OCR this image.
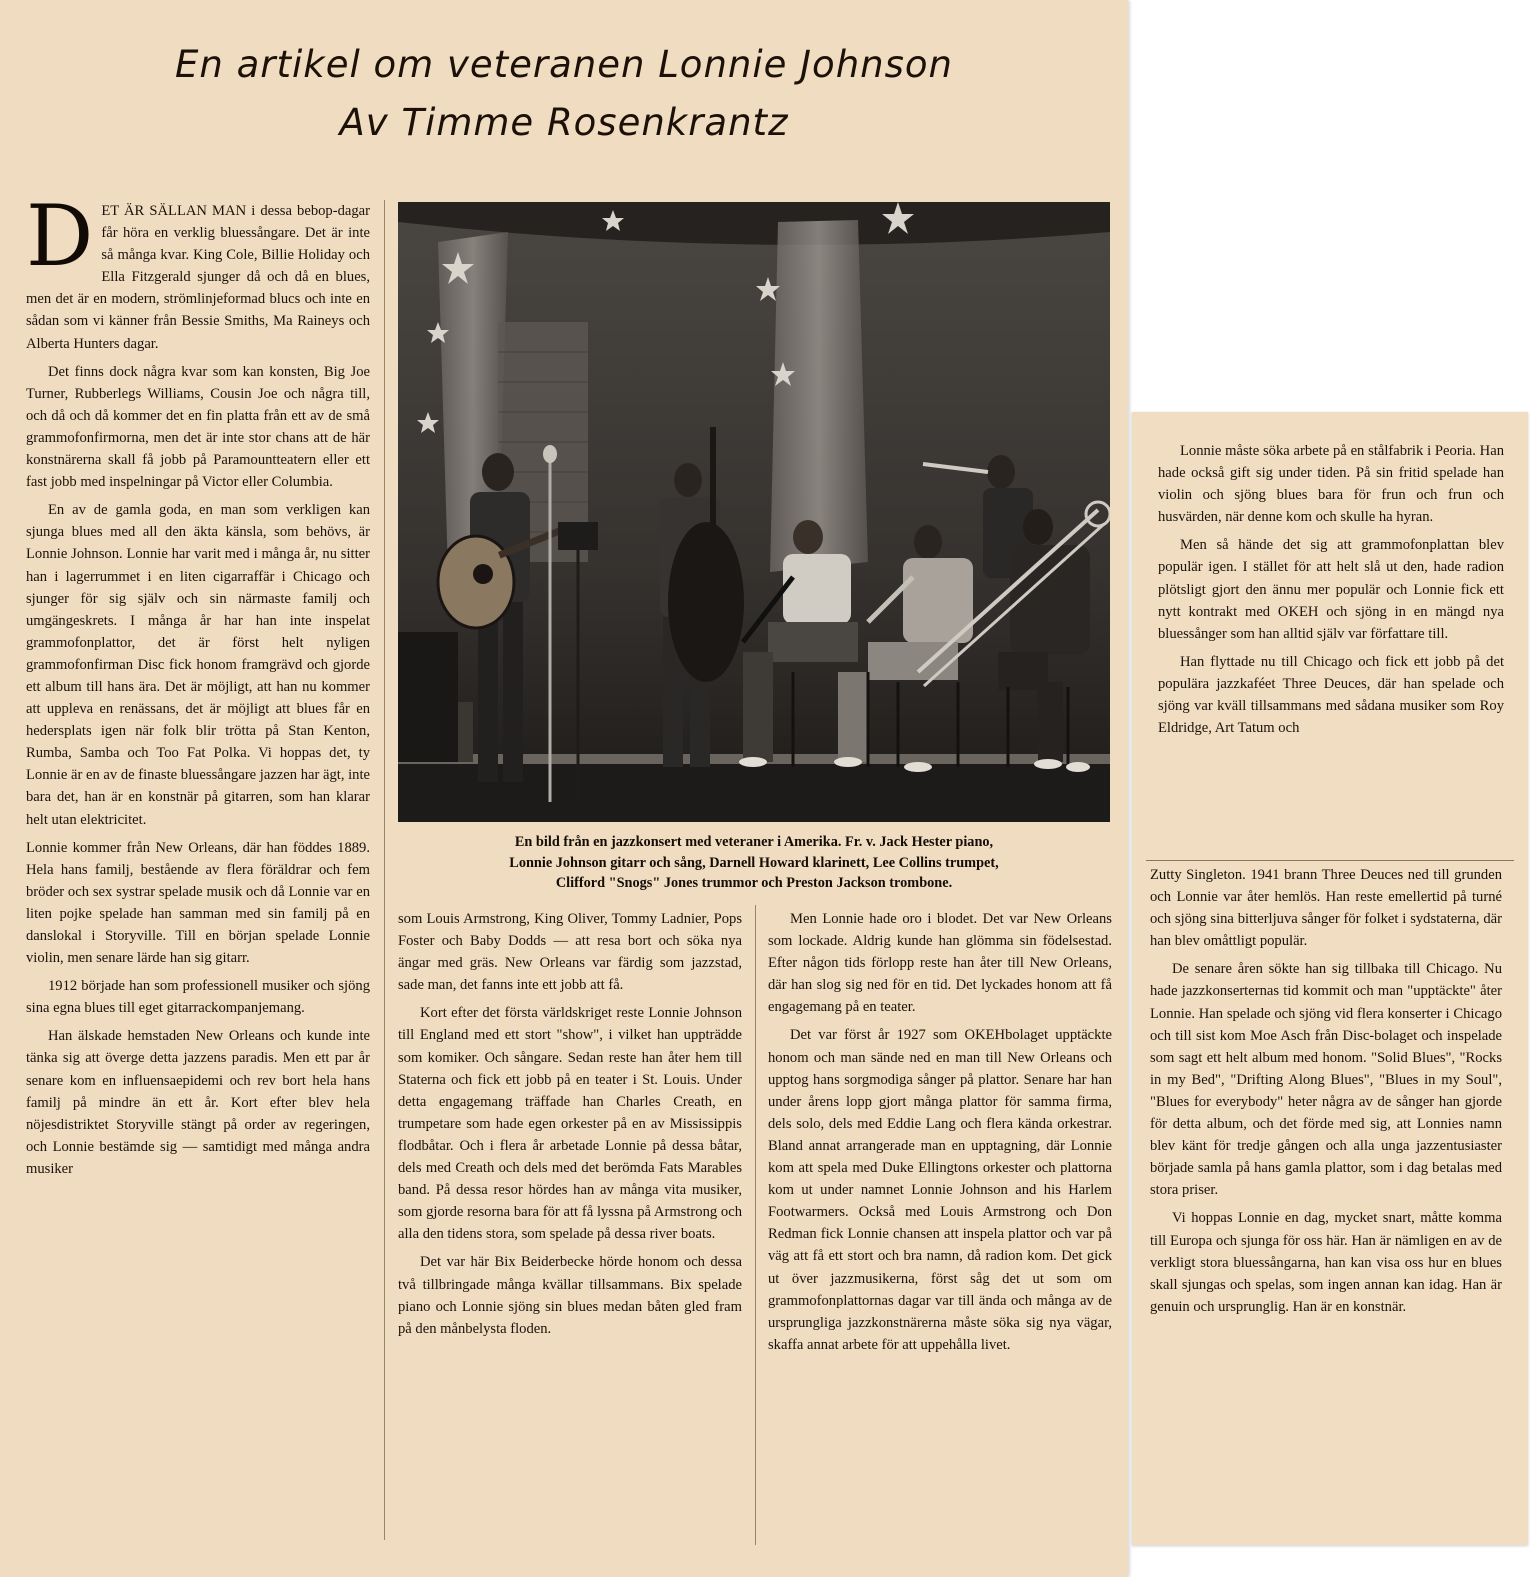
En artikel om veteranen Lonnie Johnson
Av Timme Rosenkrantz

DET ÄR SÄLLAN MAN i dessa bebop-dagar får höra en verklig bluessångare. Det är inte så många kvar. King Cole, Billie Holiday och Ella Fitzgerald sjunger då och då en blues, men det är en modern, strömlinjeformad blucs och inte en sådan som vi känner från Bessie Smiths, Ma Raineys och Alberta Hunters dagar.

Det finns dock några kvar som kan konsten, Big Joe Turner, Rubberlegs Williams, Cousin Joe och några till, och då och då kommer det en fin platta från ett av de små grammofonfirmorna, men det är inte stor chans att de här konstnärerna skall få jobb på Paramountteatern eller ett fast jobb med inspelningar på Victor eller Columbia.

En av de gamla goda, en man som verkligen kan sjunga blues med all den äkta känsla, som behövs, är Lonnie Johnson. Lonnie har varit med i många år, nu sitter han i lagerrummet i en liten cigarraffär i Chicago och sjunger för sig själv och sin närmaste familj och umgängeskrets. I många år har han inte inspelat grammofonplattor, det är först helt nyligen grammofonfirman Disc fick honom framgrävd och gjorde ett album till hans ära. Det är möjligt, att han nu kommer att uppleva en renässans, det är möjligt att blues får en hedersplats igen när folk blir trötta på Stan Kenton, Rumba, Samba och Too Fat Polka. Vi hoppas det, ty Lonnie är en av de finaste bluessångare jazzen har ägt, inte bara det, han är en konstnär på gitarren, som han klarar helt utan elektricitet.

Lonnie kommer från New Orleans, där han föddes 1889. Hela hans familj, bestående av flera föräldrar och fem bröder och sex systrar spelade musik och då Lonnie var en liten pojke spelade han samman med sin familj på en danslokal i Storyville. Till en början spelade Lonnie violin, men senare lärde han sig gitarr.

1912 började han som professionell musiker och sjöng sina egna blues till eget gitarrackompanjemang.

Han älskade hemstaden New Orleans och kunde inte tänka sig att överge detta jazzens paradis. Men ett par år senare kom en influensaepidemi och rev bort hela hans familj på mindre än ett år. Kort efter blev hela nöjesdistriktet Storyville stängt på order av regeringen, och Lonnie bestämde sig — samtidigt med många andra musiker

En bild från en jazzkonsert med veteraner i Amerika. Fr. v. Jack Hester piano,
Lonnie Johnson gitarr och sång, Darnell Howard klarinett, Lee Collins trumpet,
Clifford "Snogs" Jones trummor och Preston Jackson trombone.

som Louis Armstrong, King Oliver, Tommy Ladnier, Pops Foster och Baby Dodds — att resa bort och söka nya ängar med gräs. New Orleans var färdig som jazzstad, sade man, det fanns inte ett jobb att få.

Kort efter det första världskriget reste Lonnie Johnson till England med ett stort "show", i vilket han uppträdde som komiker. Och sångare. Sedan reste han åter hem till Staterna och fick ett jobb på en teater i St. Louis. Under detta engagemang träffade han Charles Creath, en trumpetare som hade egen orkester på en av Mississippis flodbåtar. Och i flera år arbetade Lonnie på dessa båtar, dels med Creath och dels med det berömda Fats Marables band. På dessa resor hördes han av många vita musiker, som gjorde resorna bara för att få lyssna på Armstrong och alla den tidens stora, som spelade på dessa river boats.

Det var här Bix Beiderbecke hörde honom och dessa två tillbringade många kvällar tillsammans. Bix spelade piano och Lonnie sjöng sin blues medan båten gled fram på den månbelysta floden.

Men Lonnie hade oro i blodet. Det var New Orleans som lockade. Aldrig kunde han glömma sin födelsestad. Efter någon tids förlopp reste han åter till New Orleans, där han slog sig ned för en tid. Det lyckades honom att få engagemang på en teater.

Det var först år 1927 som OKEHbolaget upptäckte honom och man sände ned en man till New Orleans och upptog hans sorgmodiga sånger på plattor. Senare har han under årens lopp gjort många plattor för samma firma, dels solo, dels med Eddie Lang och flera kända orkestrar. Bland annat arrangerade man en upptagning, där Lonnie kom att spela med Duke Ellingtons orkester och plattorna kom ut under namnet Lonnie Johnson and his Harlem Footwarmers. Också med Louis Armstrong och Don Redman fick Lonnie chansen att inspela plattor och var på väg att få ett stort och bra namn, då radion kom. Det gick ut över jazzmusikerna, först såg det ut som om grammofonplattornas dagar var till ända och många av de ursprungliga jazzkonstnärerna måste söka sig nya vägar, skaffa annat arbete för att uppehålla livet.

Lonnie måste söka arbete på en stålfabrik i Peoria. Han hade också gift sig under tiden. På sin fritid spelade han violin och sjöng blues bara för frun och frun och husvärden, när denne kom och skulle ha hyran.

Men så hände det sig att grammofonplattan blev populär igen. I stället för att helt slå ut den, hade radion plötsligt gjort den ännu mer populär och Lonnie fick ett nytt kontrakt med OKEH och sjöng in en mängd nya bluessånger som han alltid själv var författare till.

Han flyttade nu till Chicago och fick ett jobb på det populära jazzkaféet Three Deuces, där han spelade och sjöng var kväll tillsammans med sådana musiker som Roy Eldridge, Art Tatum och

Zutty Singleton. 1941 brann Three Deuces ned till grunden och Lonnie var åter hemlös. Han reste emellertid på turné och sjöng sina bitterljuva sånger för folket i sydstaterna, där han blev omåttligt populär.

De senare åren sökte han sig tillbaka till Chicago. Nu hade jazzkonserternas tid kommit och man "upptäckte" åter Lonnie. Han spelade och sjöng vid flera konserter i Chicago och till sist kom Moe Asch från Disc-bolaget och inspelade som sagt ett helt album med honom. "Solid Blues", "Rocks in my Bed", "Drifting Along Blues", "Blues in my Soul", "Blues for everybody" heter några av de sånger han gjorde för detta album, och det förde med sig, att Lonnies namn blev känt för tredje gången och alla unga jazzentusiaster började samla på hans gamla plattor, som i dag betalas med stora priser.

Vi hoppas Lonnie en dag, mycket snart, måtte komma till Europa och sjunga för oss här. Han är nämligen en av de verkligt stora bluessångarna, han kan visa oss hur en blues skall sjungas och spelas, som ingen annan kan idag. Han är genuin och ursprunglig. Han är en konstnär.
